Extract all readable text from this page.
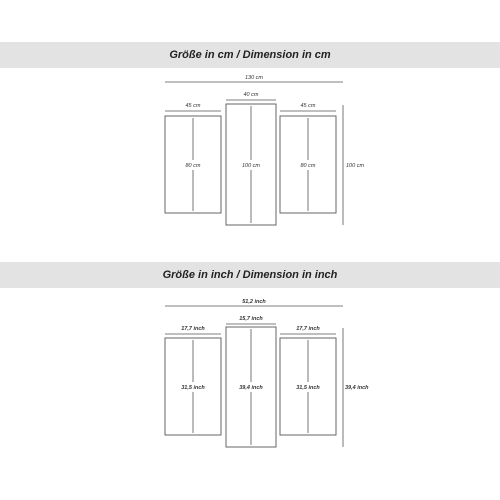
Größe in cm / Dimension in cm
130 cm
40 cm
45 cm	45 cm
80 cm	100 cm	80 cm	100 cm
Größe in inch / Dimension in inch
51,2 inch
15,7 inch
17,7 inch	17,7 inch
31,5 inch	39,4 inch	31,5 inch	39,4 inch
